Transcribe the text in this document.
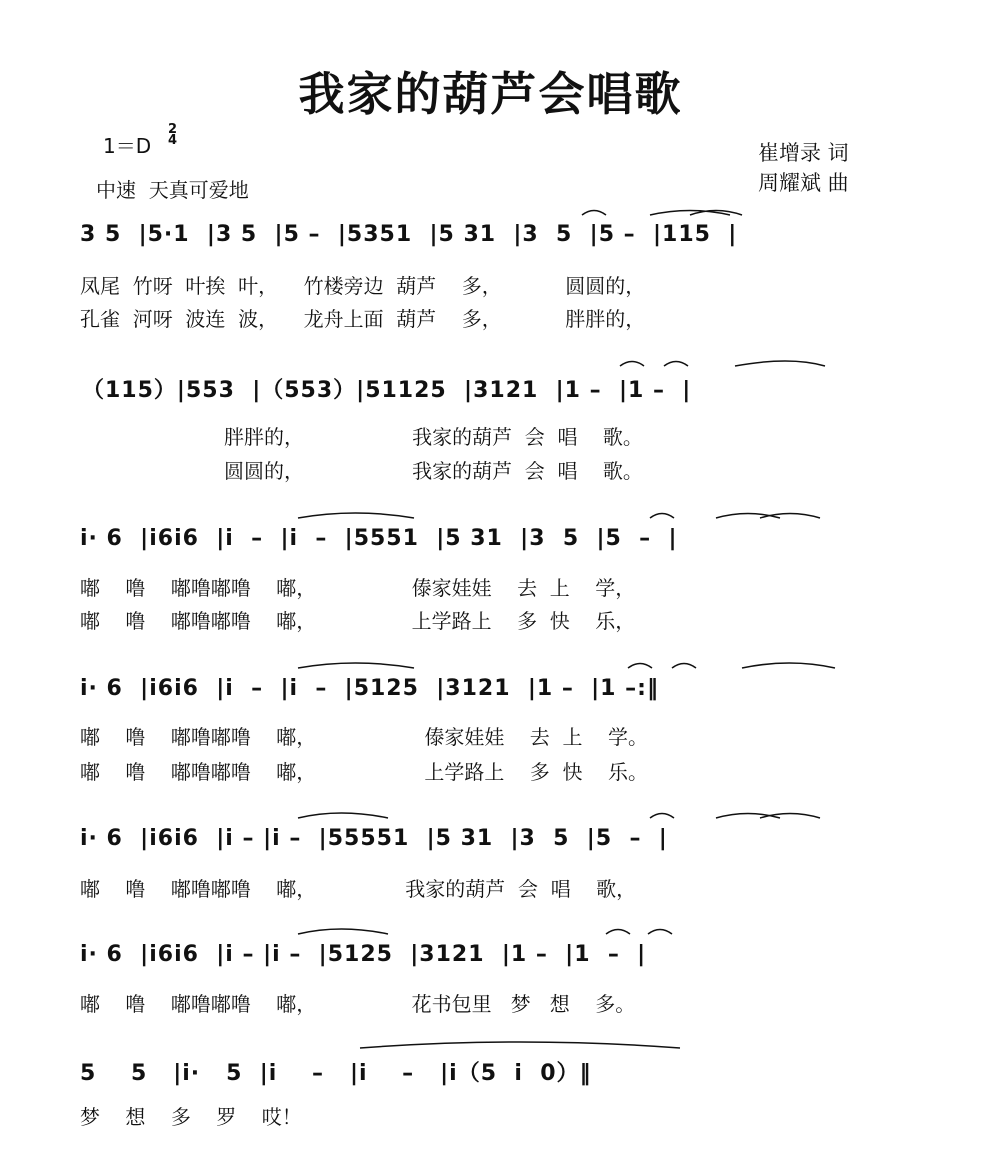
我家的葫芦会唱歌
1＝D
2
4
中速  天真可爱地
崔增录 词
周耀斌 曲
3 5  |5·1  |3 5  |5 –  |5351  |5 31  |3  5  |5 –  |115  |
凤尾  竹呀  叶挨  叶，    竹楼旁边  葫芦    多，          圆圆的，
孔雀  河呀  波连  波，    龙舟上面  葫芦    多，          胖胖的，
（115）|553  |（553）|51125  |3121  |1 –  |1 –  |
胖胖的，                 我家的葫芦  会  唱    歌。
圆圆的，                 我家的葫芦  会  唱    歌。
i· 6  |i6i6  |i  –  |i  –  |5551  |5 31  |3  5  |5  –  |
嘟    噜    嘟噜嘟噜    嘟，               傣家娃娃    去  上    学，
嘟    噜    嘟噜嘟噜    嘟，               上学路上    多  快    乐，
i· 6  |i6i6  |i  –  |i  –  |5125  |3121  |1 –  |1 –:‖
嘟    噜    嘟噜嘟噜    嘟，                 傣家娃娃    去  上    学。
嘟    噜    嘟噜嘟噜    嘟，                 上学路上    多  快    乐。
i· 6  |i6i6  |i – |i –  |55551  |5 31  |3  5  |5  –  |
嘟    噜    嘟噜嘟噜    嘟，              我家的葫芦  会  唱    歌，
i· 6  |i6i6  |i – |i –  |5125  |3121  |1 –  |1  –  |
嘟    噜    嘟噜嘟噜    嘟，               花书包里   梦   想    多。
5    5   |i·   5  |i    –   |i    –   |i（5  i  0）‖
梦    想    多    罗    哎！
